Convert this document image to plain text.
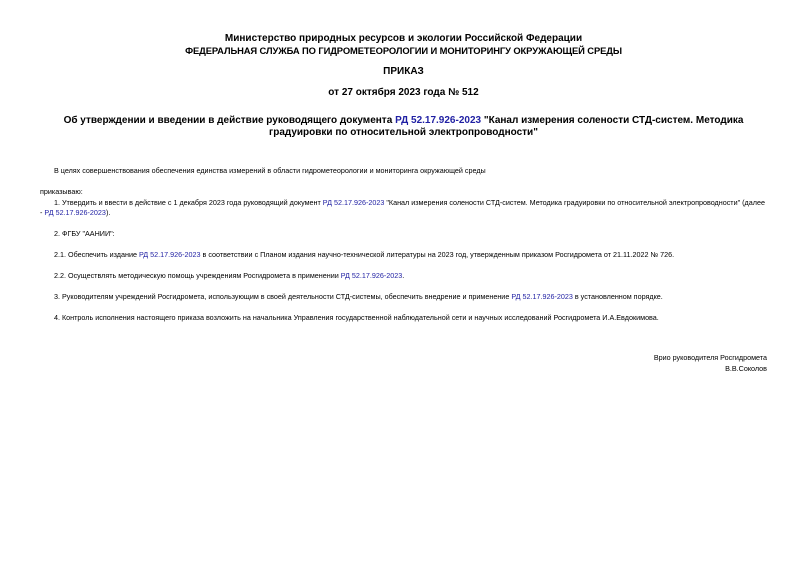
Министерство природных ресурсов и экологии Российской Федерации
ФЕДЕРАЛЬНАЯ СЛУЖБА ПО ГИДРОМЕТЕОРОЛОГИИ И МОНИТОРИНГУ ОКРУЖАЮЩЕЙ СРЕДЫ
ПРИКАЗ
от 27 октября 2023 года № 512
Об утверждении и введении в действие руководящего документа РД 52.17.926-2023 "Канал измерения солености СТД-систем. Методика градуировки по относительной электропроводности"
В целях совершенствования обеспечения единства измерений в области гидрометеорологии и мониторинга окружающей среды
приказываю:
1. Утвердить и ввести в действие с 1 декабря 2023 года руководящий документ РД 52.17.926-2023 "Канал измерения солености СТД-систем. Методика градуировки по относительной электропроводности" (далее
- РД 52.17.926-2023).
2. ФГБУ "ААНИИ":
2.1. Обеспечить издание РД 52.17.926-2023 в соответствии с Планом издания научно-технической литературы на 2023 год, утвержденным приказом Росгидромета от 21.11.2022 № 726.
2.2. Осуществлять методическую помощь учреждениям Росгидромета в применении РД 52.17.926-2023.
3. Руководителям учреждений Росгидромета, использующим в своей деятельности СТД-системы, обеспечить внедрение и применение РД 52.17.926-2023 в установленном порядке.
4. Контроль исполнения настоящего приказа возложить на начальника Управления государственной наблюдательной сети и научных исследований Росгидромета И.А.Евдокимова.
Врио руководителя Росгидромета
В.В.Соколов
